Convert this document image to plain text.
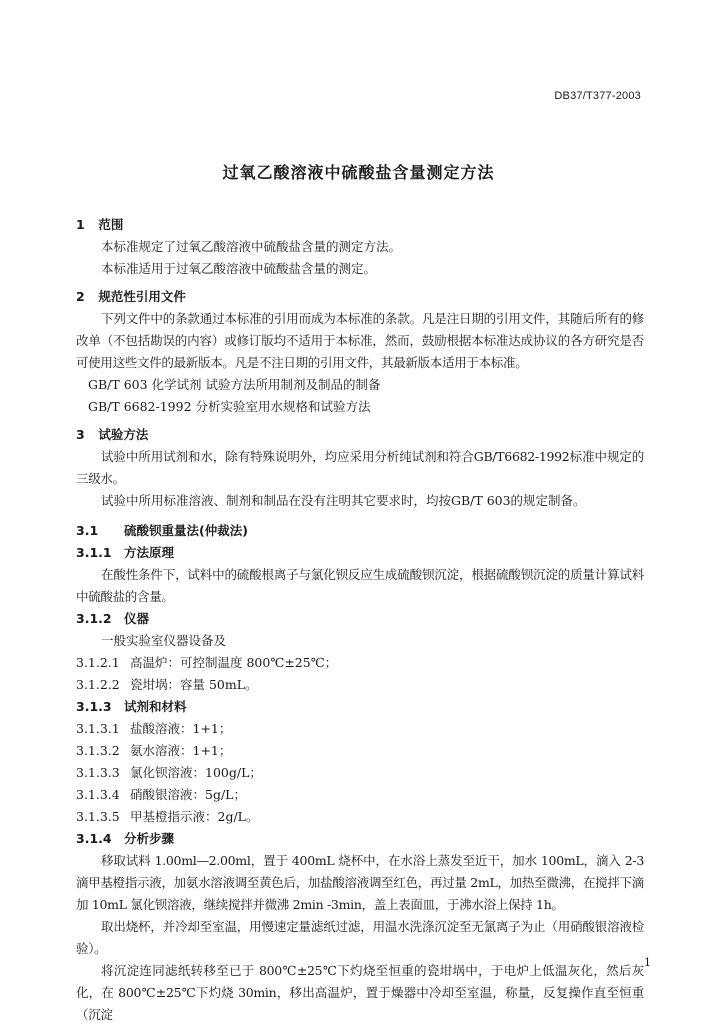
DB37/T377-2003
过氧乙酸溶液中硫酸盐含量测定方法
1 范围
本标准规定了过氧乙酸溶液中硫酸盐含量的测定方法。
本标准适用于过氧乙酸溶液中硫酸盐含量的测定。
2 规范性引用文件
下列文件中的条款通过本标准的引用而成为本标准的条款。凡是注日期的引用文件，其随后所有的修改单（不包括勘误的内容）或修订版均不适用于本标准，然而，鼓励根据本标准达成协议的各方研究是否可使用这些文件的最新版本。凡是不注日期的引用文件，其最新版本适用于本标准。
GB/T 603 化学试剂 试验方法所用制剂及制品的制备
GB/T 6682-1992 分析实验室用水规格和试验方法
3 试验方法
试验中所用试剂和水，除有特殊说明外，均应采用分析纯试剂和符合GB/T6682-1992标准中规定的三级水。
试验中所用标准溶液、制剂和制品在没有注明其它要求时，均按GB/T 603的规定制备。
3.1 硫酸钡重量法(仲裁法)
3.1.1 方法原理
在酸性条件下，试料中的硫酸根离子与氯化钡反应生成硫酸钡沉淀，根据硫酸钡沉淀的质量计算试料中硫酸盐的含量。
3.1.2 仪器
一般实验室仪器设备及
3.1.2.1 高温炉：可控制温度 800℃±25℃；
3.1.2.2 瓷坩埚：容量 50mL。
3.1.3 试剂和材料
3.1.3.1 盐酸溶液：1+1；
3.1.3.2 氨水溶液：1+1；
3.1.3.3 氯化钡溶液：100g/L；
3.1.3.4 硝酸银溶液：5g/L；
3.1.3.5 甲基橙指示液：2g/L。
3.1.4 分析步骤
移取试料 1.00ml—2.00ml，置于 400mL 烧杯中，在水浴上蒸发至近干，加水 100mL，滴入 2-3 滴甲基橙指示液，加氨水溶液调至黄色后，加盐酸溶液调至红色，再过量 2mL，加热至微沸，在搅拌下滴加 10mL 氯化钡溶液，继续搅拌并微沸 2min -3min，盖上表面皿，于沸水浴上保持 1h。
取出烧杯，并冷却至室温，用慢速定量滤纸过滤，用温水洗涤沉淀至无氯离子为止（用硝酸银溶液检验）。
将沉淀连同滤纸转移至已于 800℃±25℃下灼烧至恒重的瓷坩埚中，于电炉上低温灰化，然后灰化，在 800℃±25℃下灼烧 30min，移出高温炉，置于燥器中冷却至室温，称量，反复操作直至恒重（沉淀
1
